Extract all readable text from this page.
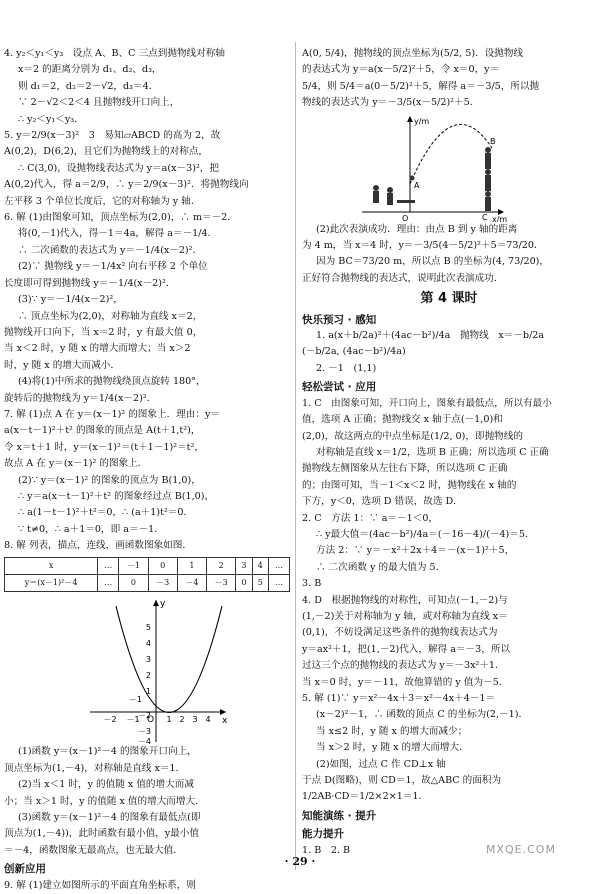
4. y₂＜y₁＜y₃　设点 A、B、C 三点到抛物线对称轴

x＝2 的距离分别为 d₁、d₂、d₃，

则 d₁＝2，d₂＝2－√2，d₃＝4．

∵ 2－√2＜2＜4 且抛物线开口向上，

∴ y₂＜y₁＜y₃．

5. y＝2/9(x－3)²　3　易知▱ABCD 的高为 2，故

A(0,2)，D(6,2)，且它们为抛物线上的对称点，

∴ C(3,0)，设抛物线表达式为 y＝a(x－3)²，把

A(0,2)代入，得 a＝2/9，∴ y＝2/9(x－3)²．将抛物线向

左平移 3 个单位长度后，它的对称轴为 y 轴．

6. 解 (1)由图象可知，顶点坐标为(2,0)，∴ m＝－2．

将(0,－1)代入，得－1＝4a，解得 a＝－1/4．

∴ 二次函数的表达式为 y＝－1/4(x－2)²．

(2)∵ 抛物线 y＝－1/4x² 向右平移 2 个单位

长度即可得到抛物线 y＝－1/4(x－2)²．

(3)∵ y＝－1/4(x－2)²，

∴ 顶点坐标为(2,0)，对称轴为直线 x＝2，

抛物线开口向下，当 x＝2 时，y 有最大值 0，

当 x＜2 时，y 随 x 的增大而增大；当 x＞2

时，y 随 x 的增大而减小．

(4)将(1)中所求的抛物线绕顶点旋转 180°，

旋转后的抛物线为 y＝1/4(x－2)²．

7. 解 (1)点 A 在 y＝(x－1)² 的图象上．理由：y＝

a(x－t－1)²＋t² 的图象的顶点是 A(t＋1,t²)，

令 x＝t＋1 时，y＝(x－1)²＝(t＋1－1)²＝t²，

故点 A 在 y＝(x－1)² 的图象上．

(2)∵ y＝(x－1)² 的图象的顶点为 B(1,0)，

∴ y＝a(x－t－1)²＋t² 的图象经过点 B(1,0)，

∴ a(1－t－1)²＋t²＝0，∴ (a＋1)t²＝0．

∵ t≠0，∴ a＋1＝0，即 a＝－1．

8. 解 列表，描点，连线，画函数图象如图．

x	…	－1	0	1	2	3	4	…
y＝(x－1)²－4	…	0	－3	－4	－3	0	5	…
y
x
O
－2 －1	1 2 3 4
5
4
3
2
1
－1
－2
－3
－4

(1)函数 y＝(x－1)²－4 的图象开口向上，

顶点坐标为(1,－4)，对称轴是直线 x＝1．

(2)当 x＜1 时，y 的值随 x 值的增大而减

小；当 x＞1 时，y 的值随 x 值的增大而增大．

(3)函数 y＝(x－1)²－4 的图象有最低点(即

顶点为(1,－4))，此时函数有最小值，y最小值

＝－4，函数图象无最高点，也无最大值．

创新应用

9. 解 (1)建立如图所示的平面直角坐标系，则

A(0, 5/4)，抛物线的顶点坐标为(5/2, 5)．设抛物线

的表达式为 y＝a(x－5/2)²＋5，令 x＝0，y＝

5/4，则 5/4＝a(0－5/2)²＋5，解得 a＝－3/5，所以抛

物线的表达式为 y＝－3/5(x－5/2)²＋5．

y/m
x/m
O
A
B
C

(2)此次表演成功．理由：由点 B 到 y 轴的距离

为 4 m，当 x＝4 时，y＝－3/5(4－5/2)²＋5＝73/20．

因为 BC＝73/20 m，所以点 B 的坐标为(4, 73/20)，

正好符合抛物线的表达式，说明此次表演成功．

第 4 课时

快乐预习 · 感知

1. a(x＋b/2a)²＋(4ac－b²)/4a　抛物线　x＝－b/2a

(－b/2a, (4ac－b²)/4a)

2. －1　(1,1)

轻松尝试 · 应用

1. C　由图象可知，开口向上，图象有最低点，所以有最小

值，选项 A 正确；抛物线交 x 轴于点(－1,0)和

(2,0)，故这两点的中点坐标是(1/2, 0)，即抛物线的

对称轴是直线 x＝1/2，选项 B 正确；所以选项 C 正确

抛物线左侧图象从左往右下降，所以选项 C 正确

的；由图可知，当－1＜x＜2 时，抛物线在 x 轴的

下方，y＜0，选项 D 错误，故选 D．

2. C　方法 1：∵ a＝－1＜0，

∴ y最大值＝(4ac－b²)/4a＝(－16－4)/(－4)＝5．

方法 2：∵ y＝－x²＋2x＋4＝－(x－1)²＋5，

∴ 二次函数 y 的最大值为 5．

3. B

4. D　根据抛物线的对称性，可知点(－1,－2)与

(1,－2)关于对称轴为 y 轴，或对称轴为直线 x＝

(0,1)，不妨设满足这些条件的抛物线表达式为

y＝ax²＋1，把(1,－2)代入，解得 a＝－3，所以

过这三个点的抛物线的表达式为 y＝－3x²＋1．

当 x＝0 时，y＝－11，故他算错的 y 值为－5．

5. 解 (1)∵ y＝x²－4x＋3＝x²－4x＋4－1＝

(x－2)²－1，∴ 函数的顶点 C 的坐标为(2,－1)．

当 x≤2 时，y 随 x 的增大而减少；

当 x＞2 时，y 随 x 的增大而增大．

(2)如图，过点 C 作 CD⊥x 轴

于点 D(图略)，则 CD＝1，故△ABC 的面积为

1/2AB·CD＝1/2×2×1＝1．

知能演练 · 提升

能力提升

1. B　2. B

· 29 ·
MXQE.COM
